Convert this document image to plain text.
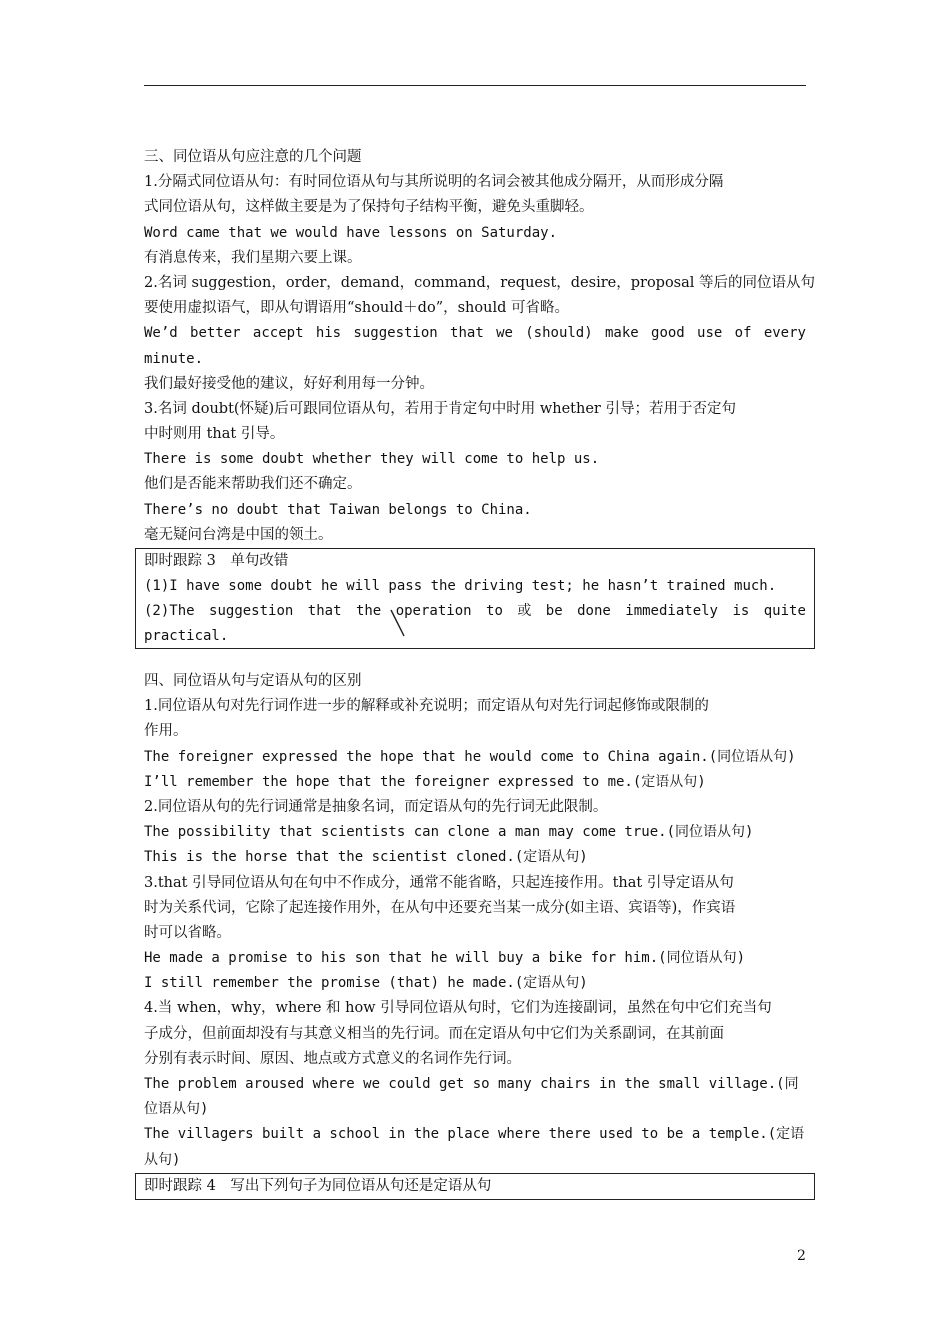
三、同位语从句应注意的几个问题
1.分隔式同位语从句：有时同位语从句与其所说明的名词会被其他成分隔开，从而形成分隔
式同位语从句，这样做主要是为了保持句子结构平衡，避免头重脚轻。
Word came that we would have lessons on Saturday.
有消息传来，我们星期六要上课。
2.名词 suggestion，order，demand，command，request，desire，proposal 等后的同位语从句
要使用虚拟语气，即从句谓语用“should＋do”，should 可省略。
We’d better accept his suggestion that we (should) make good use of every
minute.
我们最好接受他的建议，好好利用每一分钟。
3.名词 doubt(怀疑)后可跟同位语从句，若用于肯定句中时用 whether 引导；若用于否定句
中时则用 that 引导。
There is some doubt whether they will come to help us.
他们是否能来帮助我们还不确定。
There’s no doubt that Taiwan belongs to China.
毫无疑问台湾是中国的领土。
即时跟踪 3　单句改错
(1)I have some doubt he will pass the driving test; he hasn’t trained much.
(2)The suggestion that the operation to 或 be done immediately is quite
practical.
四、同位语从句与定语从句的区别
1.同位语从句对先行词作进一步的解释或补充说明；而定语从句对先行词起修饰或限制的
作用。
The foreigner expressed the hope that he would come to China again.(同位语从句)
I’ll remember the hope that the foreigner expressed to me.(定语从句)
2.同位语从句的先行词通常是抽象名词，而定语从句的先行词无此限制。
The possibility that scientists can clone a man may come true.(同位语从句)
This is the horse that the scientist cloned.(定语从句)
3.that 引导同位语从句在句中不作成分，通常不能省略，只起连接作用。that 引导定语从句
时为关系代词，它除了起连接作用外，在从句中还要充当某一成分(如主语、宾语等)，作宾语
时可以省略。
He made a promise to his son that he will buy a bike for him.(同位语从句)
I still remember the promise (that) he made.(定语从句)
4.当 when，why，where 和 how 引导同位语从句时，它们为连接副词，虽然在句中它们充当句
子成分，但前面却没有与其意义相当的先行词。而在定语从句中它们为关系副词，在其前面
分别有表示时间、原因、地点或方式意义的名词作先行词。
The problem aroused where we could get so many chairs in the small village.(同
位语从句)
The villagers built a school in the place where there used to be a temple.(定语
从句)
即时跟踪 4　写出下列句子为同位语从句还是定语从句
2
